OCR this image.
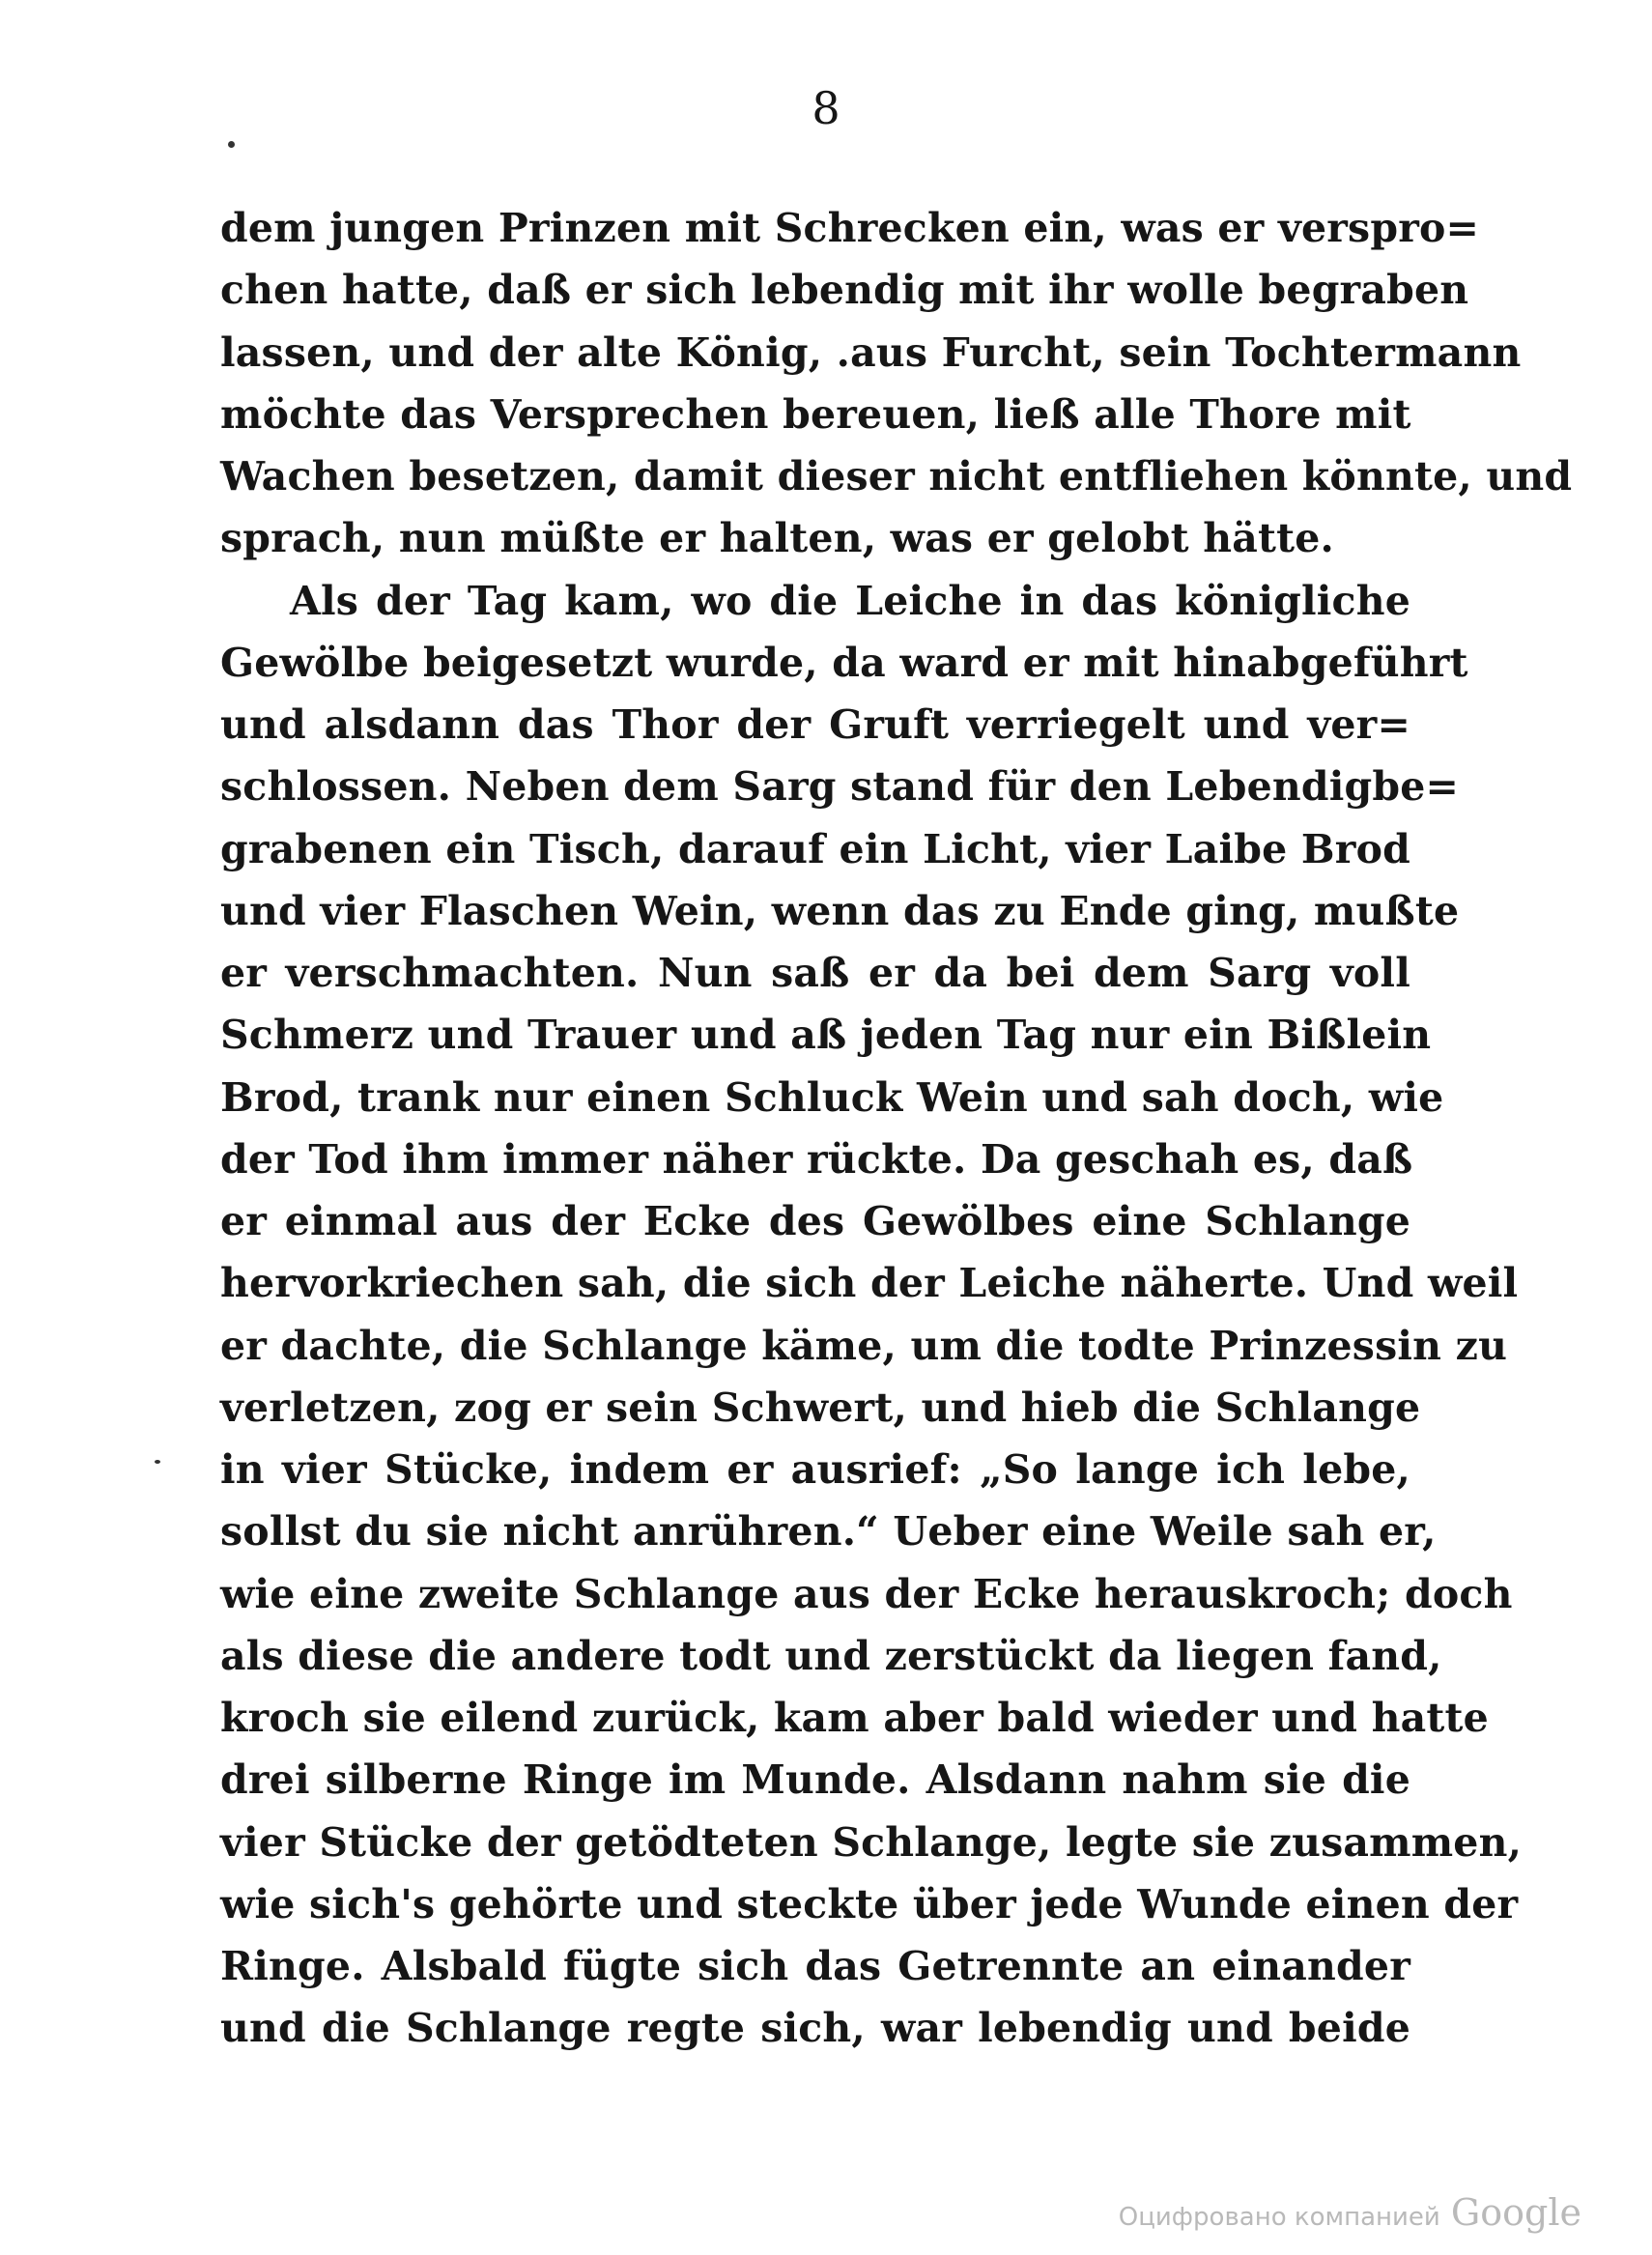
8
dem jungen Prinzen mit Schrecken ein, was er verspro=
chen hatte, daß er sich lebendig mit ihr wolle begraben
lassen, und der alte König, .aus Furcht, sein Tochtermann
möchte das Versprechen bereuen, ließ alle Thore mit
Wachen besetzen, damit dieser nicht entfliehen könnte, und
sprach, nun müßte er halten, was er gelobt hätte.
Als der Tag kam, wo die Leiche in das königliche
Gewölbe beigesetzt wurde, da ward er mit hinabgeführt
und alsdann das Thor der Gruft verriegelt und ver=
schlossen. Neben dem Sarg stand für den Lebendigbe=
grabenen ein Tisch, darauf ein Licht, vier Laibe Brod
und vier Flaschen Wein, wenn das zu Ende ging, mußte
er verschmachten. Nun saß er da bei dem Sarg voll
Schmerz und Trauer und aß jeden Tag nur ein Bißlein
Brod, trank nur einen Schluck Wein und sah doch, wie
der Tod ihm immer näher rückte. Da geschah es, daß
er einmal aus der Ecke des Gewölbes eine Schlange
hervorkriechen sah, die sich der Leiche näherte. Und weil
er dachte, die Schlange käme, um die todte Prinzessin zu
verletzen, zog er sein Schwert, und hieb die Schlange
in vier Stücke, indem er ausrief: „So lange ich lebe,
sollst du sie nicht anrühren.“ Ueber eine Weile sah er,
wie eine zweite Schlange aus der Ecke herauskroch; doch
als diese die andere todt und zerstückt da liegen fand,
kroch sie eilend zurück, kam aber bald wieder und hatte
drei silberne Ringe im Munde. Alsdann nahm sie die
vier Stücke der getödteten Schlange, legte sie zusammen,
wie sich's gehörte und steckte über jede Wunde einen der
Ringe. Alsbald fügte sich das Getrennte an einander
und die Schlange regte sich, war lebendig und beide
Оцифровано компанией Google
